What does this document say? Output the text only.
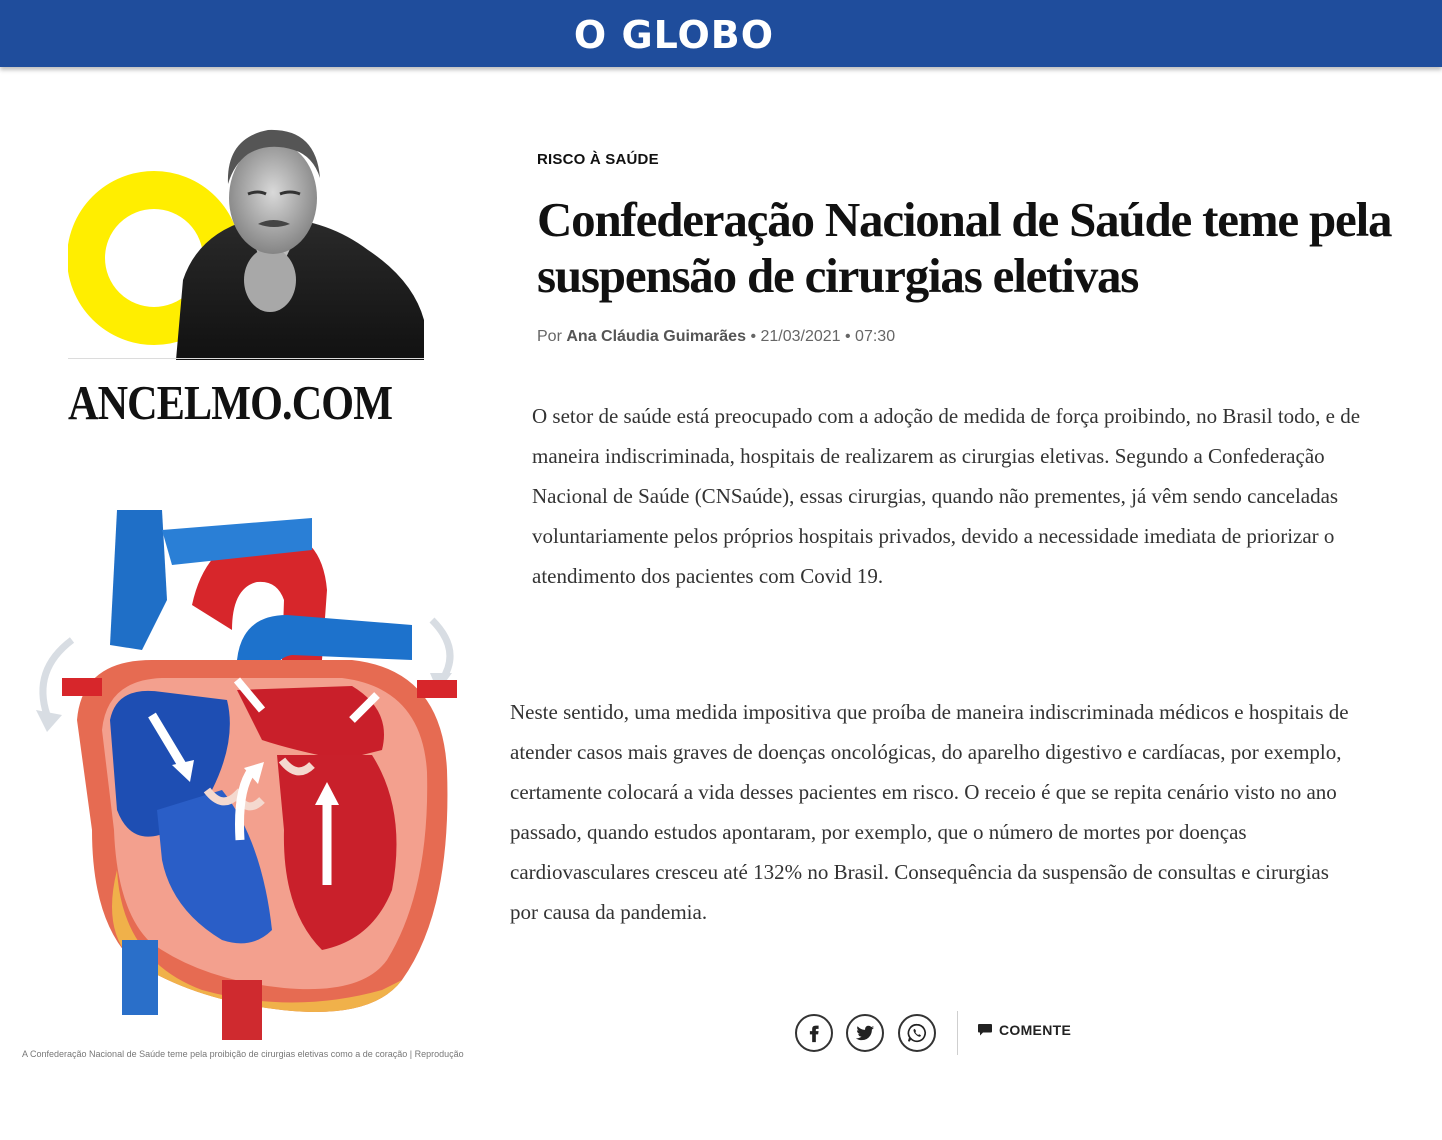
O GLOBO
ANCELMO.COM
A Confederação Nacional de Saúde teme pela proibição de cirurgias eletivas como a de coração | Reprodução
RISCO À SAÚDE
Confederação Nacional de Saúde teme pela suspensão de cirurgias eletivas
Por Ana Cláudia Guimarães • 21/03/2021 • 07:30

O setor de saúde está preocupado com a adoção de medida de força proibindo, no Brasil todo, e de maneira indiscriminada, hospitais de realizarem as cirurgias eletivas. Segundo a Confederação Nacional de Saúde (CNSaúde), essas cirurgias, quando não prementes, já vêm sendo canceladas voluntariamente pelos próprios hospitais privados, devido a necessidade imediata de priorizar o atendimento dos pacientes com Covid 19.

Neste sentido, uma medida impositiva que proíba de maneira indiscriminada médicos e hospitais de atender casos mais graves de doenças oncológicas, do aparelho digestivo e cardíacas, por exemplo, certamente colocará a vida desses pacientes em risco. O receio é que se repita cenário visto no ano passado, quando estudos apontaram, por exemplo, que o número de mortes por doenças cardiovasculares cresceu até 132% no Brasil. Consequência da suspensão de consultas e cirurgias por causa da pandemia.

COMENTE
